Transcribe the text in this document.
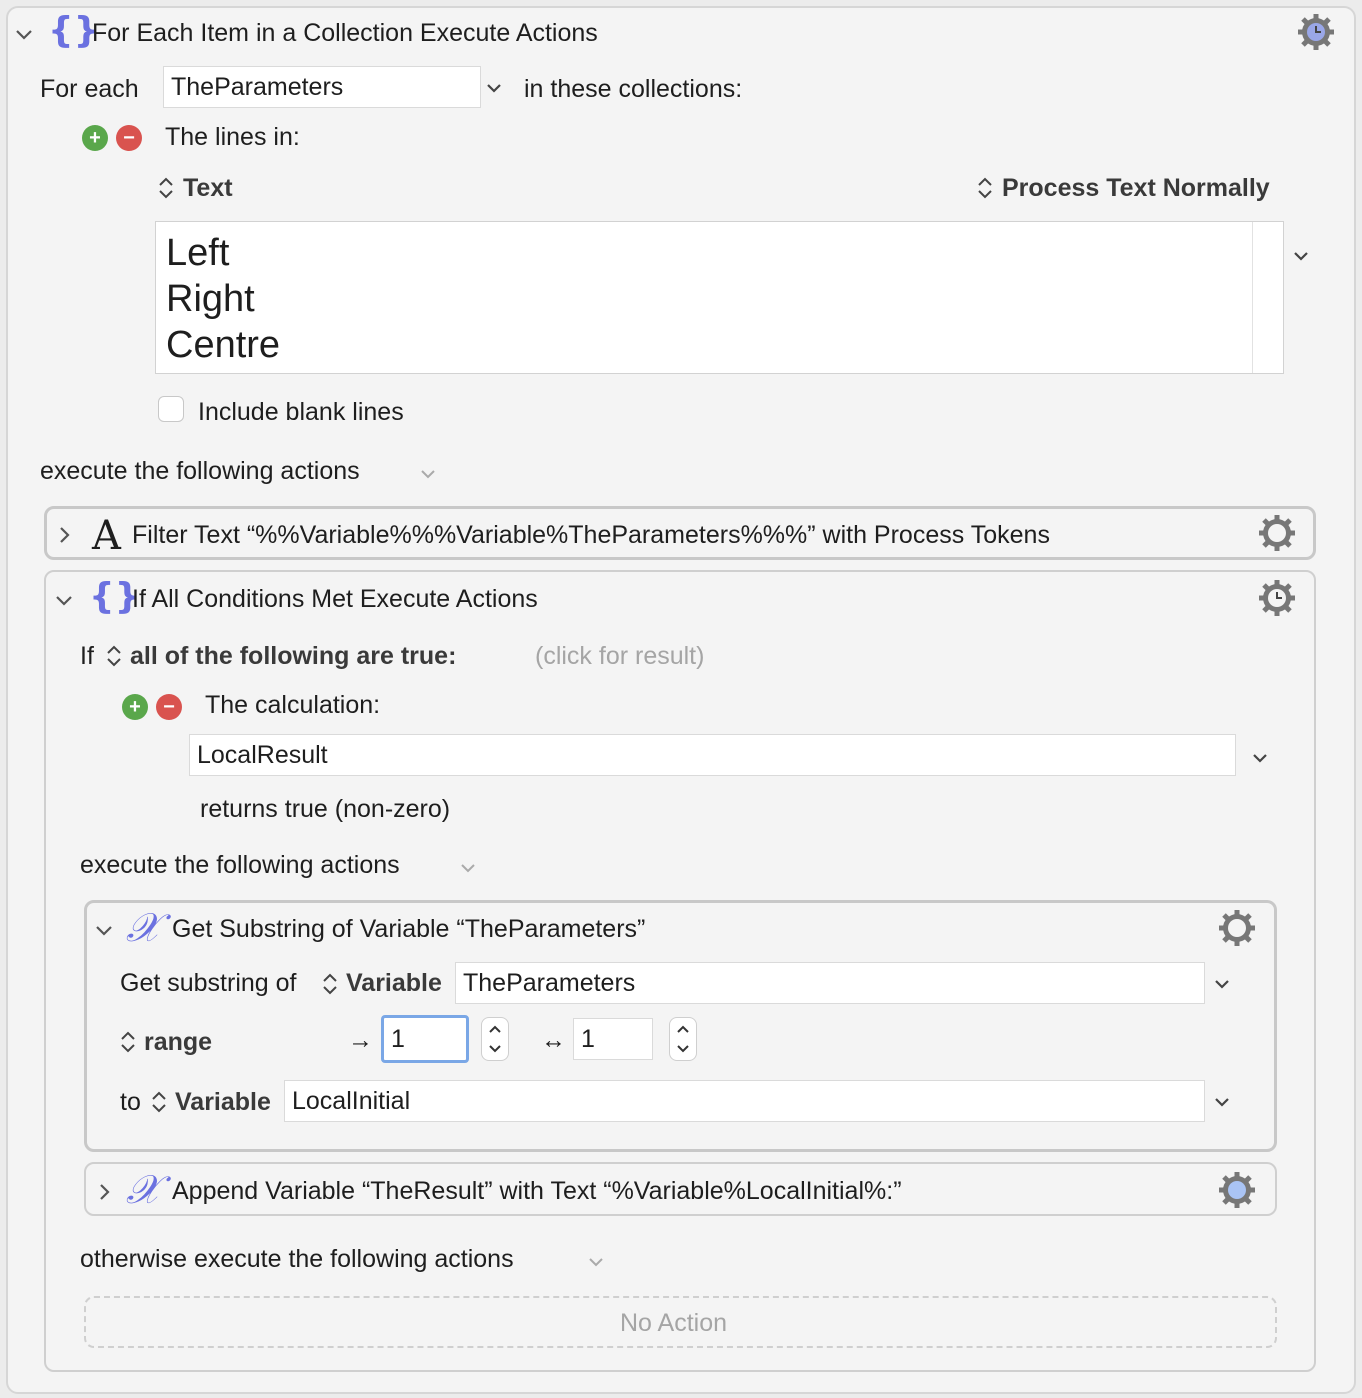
{}
For Each Item in a Collection Execute Actions
For each	TheParameters	in these collections:
+	− The lines in:
Text	Process Text Normally
Left
Right
Centre
Include blank lines
execute the following actions
A Filter Text “%%Variable%%%Variable%TheParameters%%%” with Process Tokens
{}
If All Conditions Met Execute Actions
If all of the following are true:	(click for result)
+	− The calculation:
LocalResult
returns true (non-zero)
execute the following actions
𝒳 Get Substring of Variable “TheParameters”
Get substring of Variable TheParameters
range	→ 1	↔ 1
to Variable LocalInitial
𝒳 Append Variable “TheResult” with Text “%Variable%LocalInitial%:”
otherwise execute the following actions
No Action
